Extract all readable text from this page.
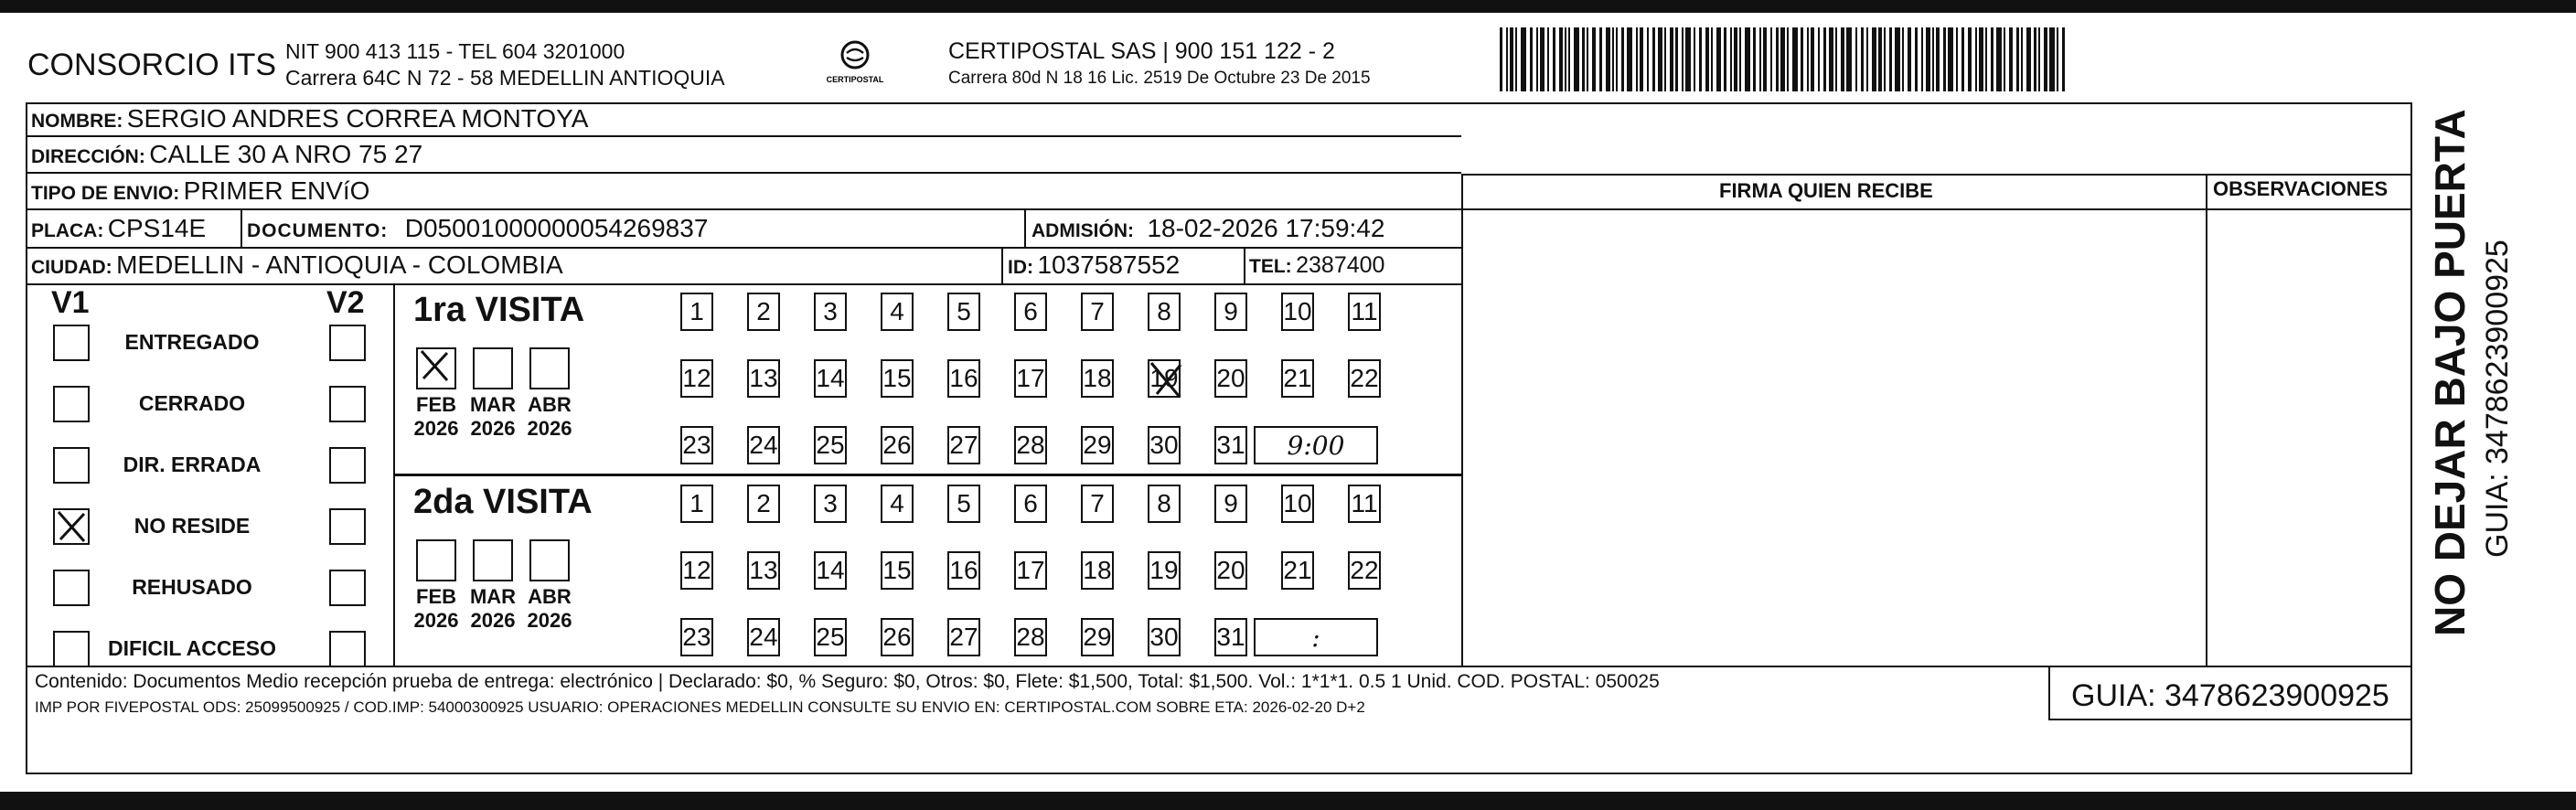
CONSORCIO ITS NIT 900 413 115 - TEL 604 3201000
Carrera 64C N 72 - 58 MEDELLIN ANTIOQUIA	CERTIPOSTAL
CERTIPOSTAL SAS | 900 151 122 - 2
Carrera 80d N 18 16 Lic. 2519 De Octubre 23 De 2015
NOMBRE: SERGIO ANDRES CORREA MONTOYA
DIRECCIÓN: CALLE 30 A NRO 75 27
TIPO DE ENVIO: PRIMER ENVíO	FIRMA QUIEN RECIBE	OBSERVACIONES
PLACA: CPS14E DOCUMENTO: D05001000000054269837	ADMISIÓN: 18-02-2026 17:59:42
CIUDAD: MEDELLIN - ANTIOQUIA - COLOMBIA	ID: 1037587552	TEL: 2387400
V1	V2
ENTREGADO
CERRADO
DIR. ERRADA
NO RESIDE
REHUSADO
DIFICIL ACCESO
1ra VISITA
2da VISITA
FEB
2026
MAR
2026
ABR
2026
1 2 3 4 5 6 7 8 9 10 11
12 13 14 15 16 17 18 19 20 21 22
23 24 25 26 27 28 29 30 31	9:00
FEB
2026
MAR
2026
ABR
2026
1 2 3 4 5 6 7 8 9 10 11
12 13 14 15 16 17 18 19 20 21 22
23 24 25 26 27 28 29 30 31	:
Contenido: Documentos Medio recepción prueba de entrega: electrónico | Declarado: $0, % Seguro: $0, Otros: $0, Flete: $1,500, Total: $1,500. Vol.: 1*1*1. 0.5 1 Unid. COD. POSTAL: 050025
IMP POR FIVEPOSTAL ODS: 25099500925 / COD.IMP: 54000300925 USUARIO: OPERACIONES MEDELLIN CONSULTE SU ENVIO EN: CERTIPOSTAL.COM SOBRE ETA: 2026-02-20 D+2	GUIA: 3478623900925
NO DEJAR BAJO PUERTA GUIA: 3478623900925
